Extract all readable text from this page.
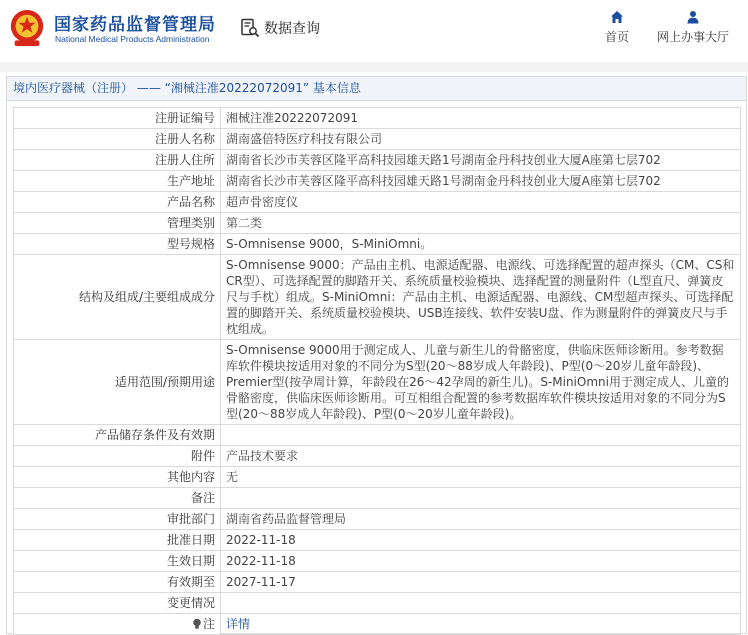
国家药品监督管理局
National Medical Products Administration
数据查询	首页	网上办事大厅
境内医疗器械（注册） —— “湘械注准20222072091” 基本信息
注册证编号	湘械注准20222072091
注册人名称	湖南盛倍特医疗科技有限公司
注册人住所	湖南省长沙市芙蓉区隆平高科技园雄天路1号湖南金丹科技创业大厦A座第七层702
生产地址	湖南省长沙市芙蓉区隆平高科技园雄天路1号湖南金丹科技创业大厦A座第七层702
产品名称	超声骨密度仪
管理类别	第二类
型号规格	S-Omnisense 9000，S-MiniOmni。
结构及组成/主要组成成分	S-Omnisense 9000：产品由主机、电源适配器、电源线、可选择配置的超声探头（CM、CS和CR型）、可选择配置的脚踏开关、系统质量校验模块、选择配置的测量附件（L型直尺、弹簧皮尺与手枕）组成。S-MiniOmni：产品由主机、电源适配器、电源线、CM型超声探头、可选择配置的脚踏开关、系统质量校验模块、USB连接线、软件安装U盘、作为测量附件的弹簧皮尺与手枕组成。
适用范围/预期用途	S-Omnisense 9000用于测定成人、儿童与新生儿的骨骼密度，供临床医师诊断用。参考数据库软件模块按适用对象的不同分为S型(20～88岁成人年龄段)、P型(0～20岁儿童年龄段)、Premier型(按孕周计算，年龄段在26～42孕周的新生儿)。S-MiniOmni用于测定成人、儿童的骨骼密度，供临床医师诊断用。可互相组合配置的参考数据库软件模块按适用对象的不同分为S型(20～88岁成人年龄段)、P型(0～20岁儿童年龄段)。
产品储存条件及有效期	
附件	产品技术要求
其他内容	无
备注	
审批部门	湖南省药品监督管理局
批准日期	2022-11-18
生效日期	2022-11-18
有效期至	2027-11-17
变更情况	
注	详情
